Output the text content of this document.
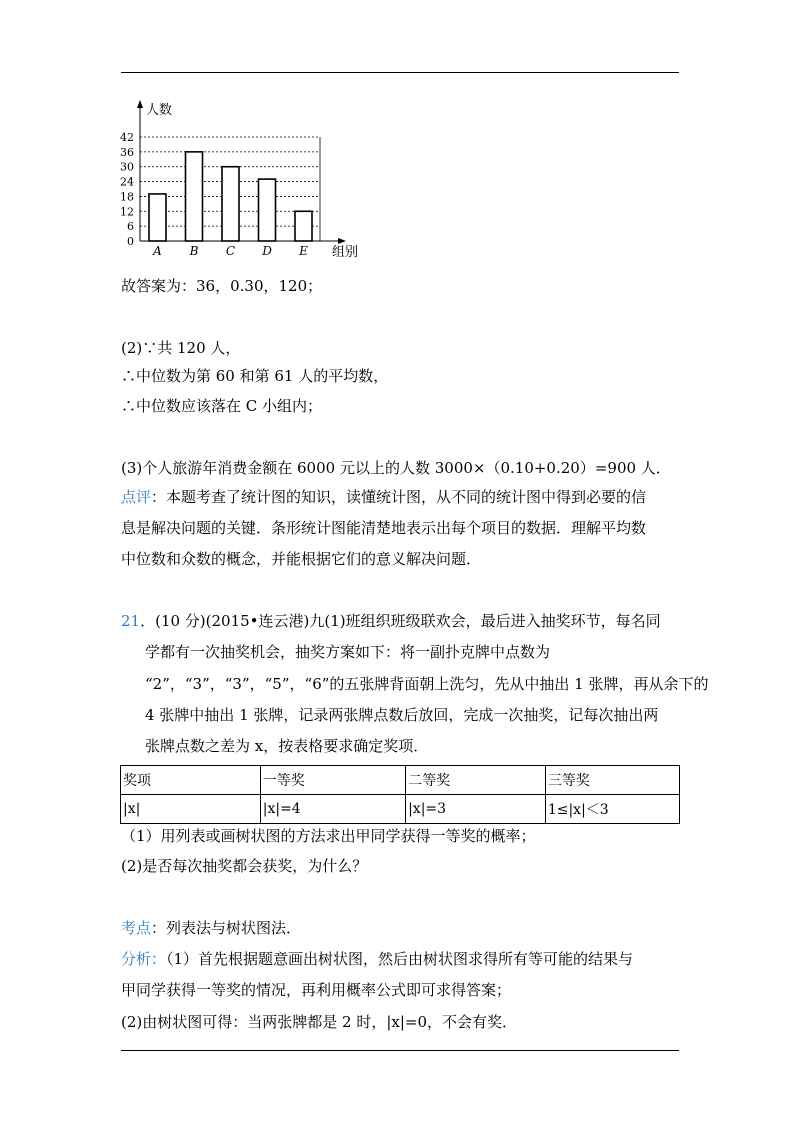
0
6
12
18
24
30
36
42
A B C D E
人数
组别
故答案为：36，0.30，120；
(2)∵共 120 人，
∴中位数为第 60 和第 61 人的平均数，
∴中位数应该落在 C 小组内；
(3)个人旅游年消费金额在 6000 元以上的人数 3000×（0.10+0.20）=900 人．
点评：本题考查了统计图的知识，读懂统计图，从不同的统计图中得到必要的信
息是解决问题的关键．条形统计图能清楚地表示出每个项目的数据．理解平均数
中位数和众数的概念，并能根据它们的意义解决问题．
21．(10 分)(2015•连云港)九(1)班组织班级联欢会，最后进入抽奖环节，每名同
学都有一次抽奖机会，抽奖方案如下：将一副扑克牌中点数为
“2”，“3”，“3”，“5”，“6”的五张牌背面朝上洗匀，先从中抽出 1 张牌，再从余下的
4 张牌中抽出 1 张牌，记录两张牌点数后放回，完成一次抽奖，记每次抽出两
张牌点数之差为 x，按表格要求确定奖项．
奖项	一等奖	二等奖	三等奖
|x|	|x|=4	|x|=3	1≤|x|＜3
（1）用列表或画树状图的方法求出甲同学获得一等奖的概率；
(2)是否每次抽奖都会获奖，为什么？
考点：列表法与树状图法．
分析：（1）首先根据题意画出树状图，然后由树状图求得所有等可能的结果与
甲同学获得一等奖的情况，再利用概率公式即可求得答案；
(2)由树状图可得：当两张牌都是 2 时，|x|=0，不会有奖．
